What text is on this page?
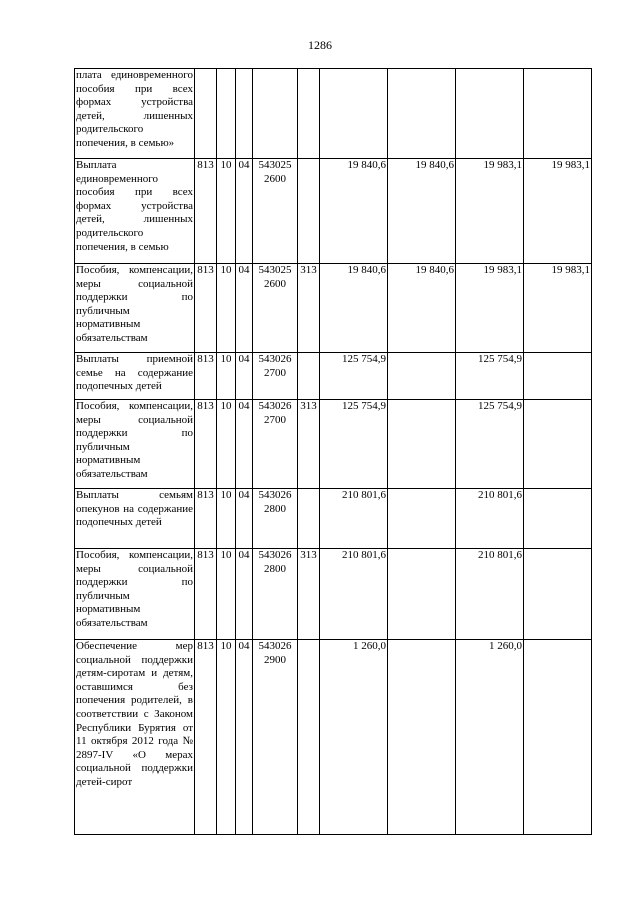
1286
плата единовременного пособия при всех формах устройства детей, лишенных родительского попечения, в семью»									
Выплата единовременного пособия при всех формах устройства детей, лишенных родительского попечения, в семью	813	10	04	543025 2600		19 840,6	19 840,6	19 983,1	19 983,1
Пособия, компенсации, меры социальной поддержки по публичным нормативным обязательствам	813	10	04	543025 2600	313	19 840,6	19 840,6	19 983,1	19 983,1
Выплаты приемной семье на содержание подопечных детей	813	10	04	543026 2700		125 754,9		125 754,9	
Пособия, компенсации, меры социальной поддержки по публичным нормативным обязательствам	813	10	04	543026 2700	313	125 754,9		125 754,9	
Выплаты семьям опекунов на содержание подопечных детей	813	10	04	543026 2800		210 801,6		210 801,6	
Пособия, компенсации, меры социальной поддержки по публичным нормативным обязательствам	813	10	04	543026 2800	313	210 801,6		210 801,6	
Обеспечение мер социальной поддержки детям-сиротам и детям, оставшимся без попечения родителей, в соответствии с Законом Республики Бурятия от 11 октября 2012 года № 2897-IV «О мерах социальной поддержки детей-сирот	813	10	04	543026 2900		1 260,0		1 260,0	
